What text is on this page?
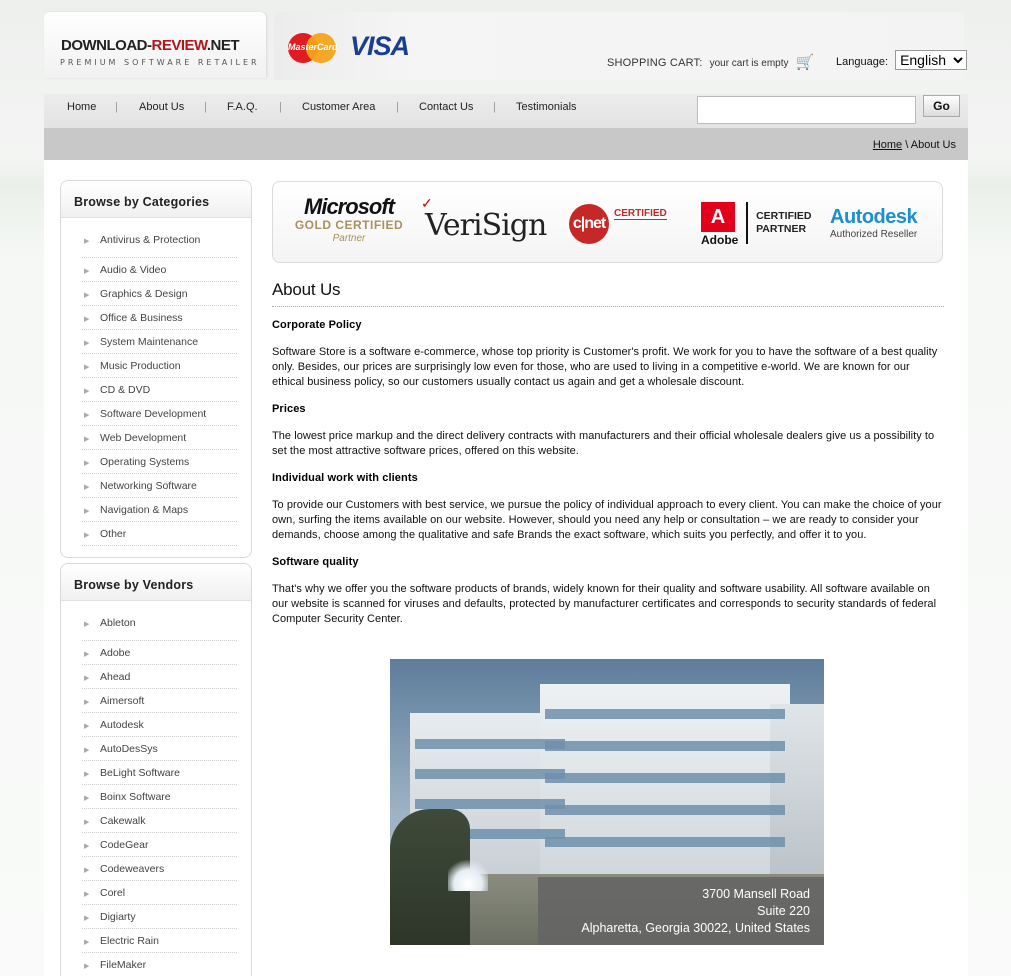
DOWNLOAD-REVIEW.NET
PREMIUM SOFTWARE RETAILER
MasterCard VISA
SHOPPING CART: your cart is empty 🛒 Language:
English
Home | About Us | F.A.Q. | Customer Area | Contact Us | Testimonials	Go
Home \ About Us
Browse by Categories
▶ Antivirus & Protection
▶ Audio & Video
▶ Graphics & Design
▶ Office & Business
▶ System Maintenance
▶ Music Production
▶ CD & DVD
▶ Software Development
▶ Web Development
▶ Operating Systems
▶ Networking Software
▶ Navigation & Maps
▶ Other
Browse by Vendors
▶ Ableton
▶ Adobe
▶ Ahead
▶ Aimersoft
▶ Autodesk
▶ AutoDesSys
▶ BeLight Software
▶ Boinx Software
▶ Cakewalk
▶ CodeGear
▶ Codeweavers
▶ Corel
▶ Digiarty
▶ Electric Rain
▶ FileMaker
Microsoft
GOLD CERTIFIED
Partner
✓
VeriSign c|netCERTIFIED	A

Adobe
CERTIFIED
PARTNER
Autodesk
Authorized Reseller
About Us
Corporate Policy
Software Store is a software e-commerce, whose top priority is Customer's profit. We work for you to have the software of a best quality only. Besides, our prices are surprisingly low even for those, who are used to living in a competitive e-world. We are known for our ethical business policy, so our customers usually contact us again and get a wholesale discount.
Prices
The lowest price markup and the direct delivery contracts with manufacturers and their official wholesale dealers give us a possibility to set the most attractive software prices, offered on this website.
Individual work with clients
To provide our Customers with best service, we pursue the policy of individual approach to every client. You can make the choice of your own, surfing the items available on our website. However, should you need any help or consultation – we are ready to consider your demands, choose among the qualitative and safe Brands the exact software, which suits you perfectly, and offer it to you.
Software quality
That's why we offer you the software products of brands, widely known for their quality and software usability. All software available on our website is scanned for viruses and defaults, protected by manufacturer certificates and corresponds to security standards of federal Computer Security Center.
3700 Mansell Road
Suite 220
Alpharetta, Georgia 30022, United States
